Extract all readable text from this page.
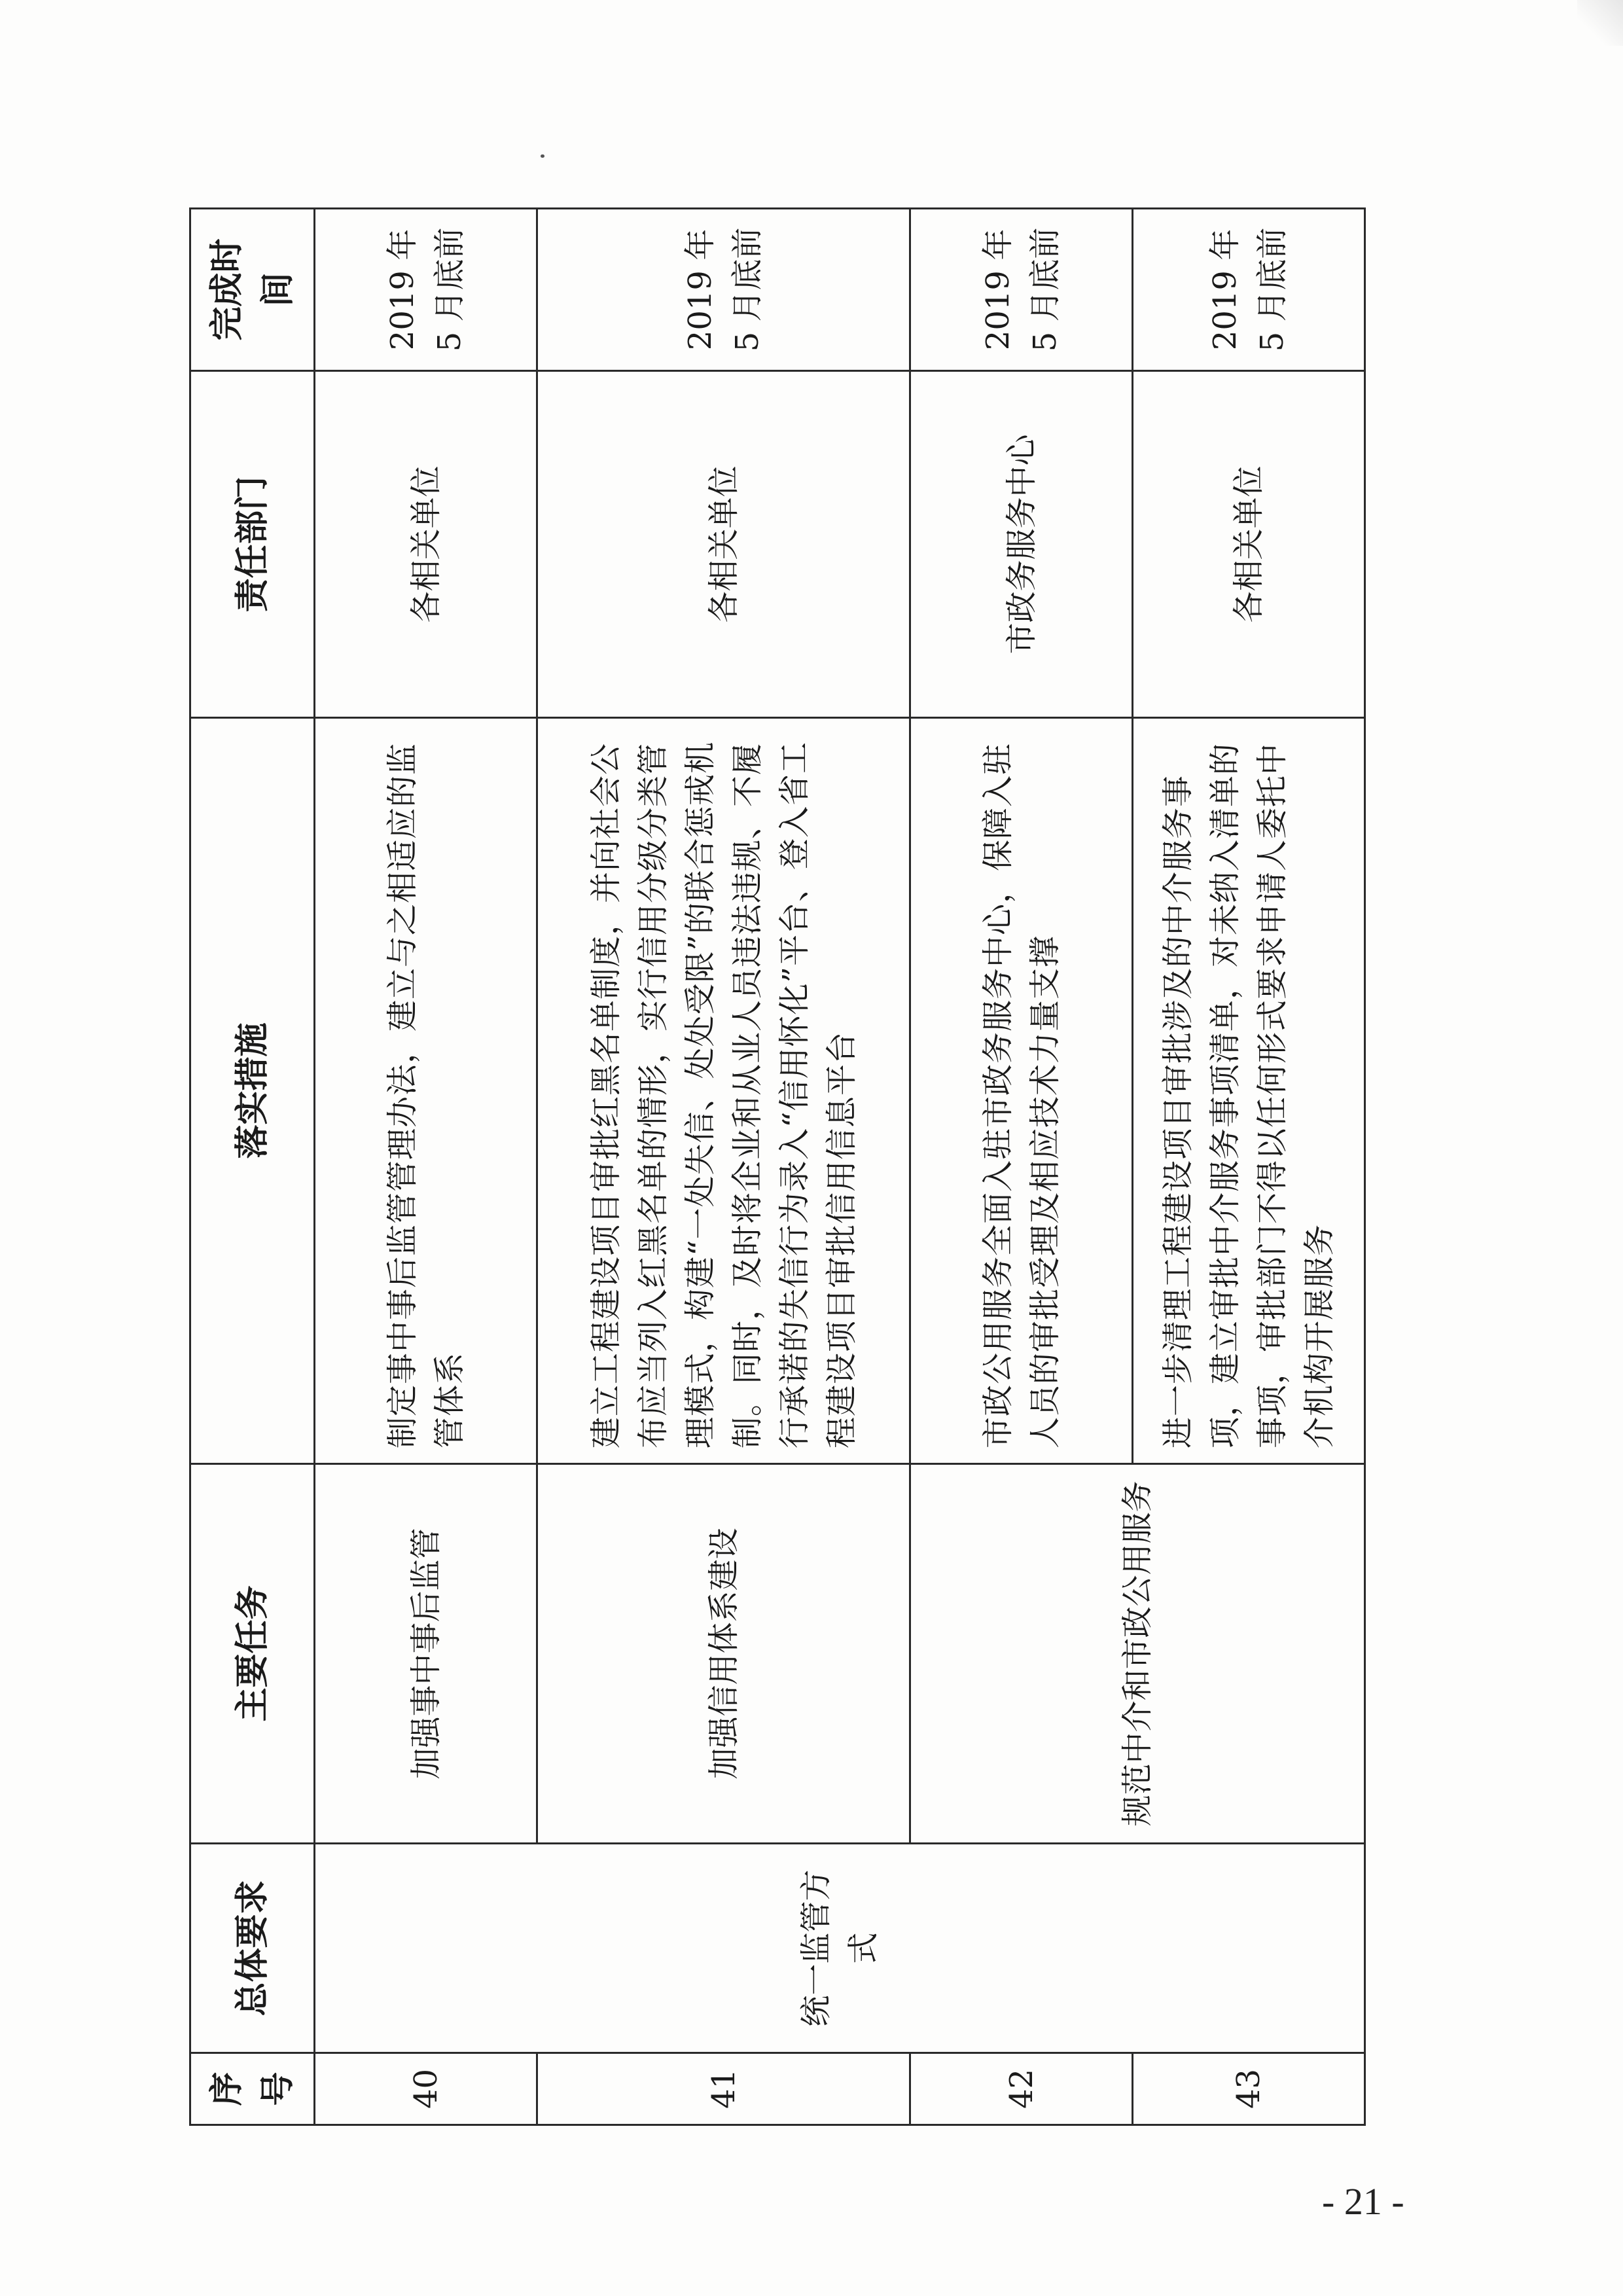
序号	总体要求	主要任务	落实措施	责任部门	完成时间
40	统一监管方式	加强事中事后监管	制定事中事后监管管理办法，建立与之相适应的监管体系	各相关单位	2019 年 5 月底前
41		加强信用体系建设	建立工程建设项目审批红黑名单制度，并向社会公布应当列入红黑名单的情形，实行信用分级分类管理模式，构建“一处失信、处处受限”的联合惩戒机制。同时，及时将企业和从业人员违法违规、不履行承诺的失信行为录入“信用怀化”平台、登入省工程建设项目审批信用信息平台	各相关单位	2019 年 5 月底前
42		规范中介和市政公用服务	市政公用服务全面入驻市政务服务中心，保障入驻人员的审批受理及相应技术力量支撑	市政务服务中心	2019 年 5 月底前
43			进一步清理工程建设项目审批涉及的中介服务事项，建立审批中介服务事项清单，对未纳入清单的事项，审批部门不得以任何形式要求申请人委托中介机构开展服务	各相关单位	2019 年 5 月底前
- 21 -
